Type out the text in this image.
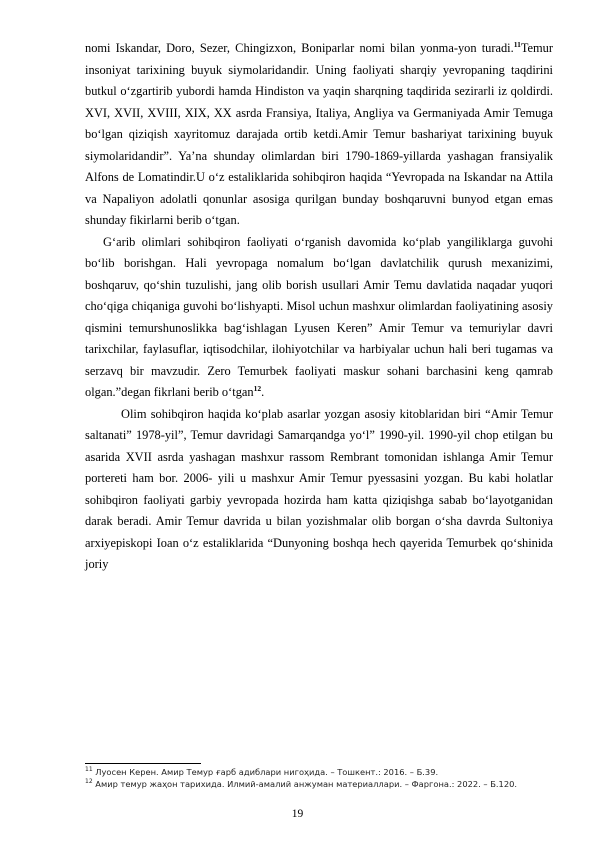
nomi Iskandar, Doro, Sezer, Chingizxon, Boniparlar nomi bilan yonma-yon turadi.$^{11}$Temur insoniyat tarixining buyuk siymolaridandir. Uning faoliyati sharqiy yevropaning taqdirini butkul o‘zgartirib yubordi hamda Hindiston va yaqin sharqning taqdirida sezirarli iz qoldirdi. XVI, XVII, XVIII, XIX, XX asrda Fransiya, Italiya, Angliya va Germaniyada Amir Temuga bo‘lgan qiziqish xayritomuz darajada ortib ketdi.Amir Temur bashariyat tarixining buyuk siymolaridandir”. Ya’na shunday olimlardan biri 1790-1869-yillarda yashagan fransiyalik Alfons de Lomatindir.U o‘z estaliklarida sohibqiron haqida “Yevropada na Iskandar na Attila va Napaliyon adolatli qonunlar asosiga qurilgan bunday boshqaruvni bunyod etgan emas shunday fikirlarni berib o‘tgan.

G‘arib olimlari sohibqiron faoliyati o‘rganish davomida ko‘plab yangiliklarga guvohi bo‘lib borishgan. Hali yevropaga nomalum bo‘lgan davlatchilik qurush mexanizimi, boshqaruv, qo‘shin tuzulishi, jang olib borish usullari Amir Temu davlatida naqadar yuqori cho‘qiga chiqaniga guvohi bo‘lishyapti. Misol uchun mashxur olimlardan faoliyatining asosiy qismini temurshunoslikka bag‘ishlagan Lyusen Keren” Amir Temur va temuriylar davri tarixchilar, faylasuflar, iqtisodchilar, ilohiyotchilar va harbiyalar uchun hali beri tugamas va serzavq bir mavzudir. Zero Temurbek faoliyati maskur sohani barchasini keng qamrab olgan.”degan fikrlani berib o‘tgan$^{12}$.

Olim sohibqiron haqida ko‘plab asarlar yozgan asosiy kitoblaridan biri “Amir Temur saltanati” 1978-yil”, Temur davridagi Samarqandga yo‘l” 1990-yil. 1990-yil chop etilgan bu asarida XVII asrda yashagan mashxur rassom Rembrant tomonidan ishlanga Amir Temur portereti ham bor. 2006- yili u mashxur Amir Temur pyessasini yozgan. Bu kabi holatlar sohibqiron faoliyati garbiy yevropada hozirda ham katta qiziqishga sabab bo‘layotganidan darak beradi. Amir Temur davrida u bilan yozishmalar olib borgan o‘sha davrda Sultoniya arxiyepiskopi Ioan o‘z estaliklarida “Dunyoning boshqa hech qayerida Temurbek qo‘shinida joriy

$^{11}$ Луосен Керен. Амир Темур ғарб адиблари нигоҳида. – Тошкент.: 2016. – Б.39.
$^{12}$ Амир темур жаҳон тарихида. Илмий-амалий анжуман материаллари. – Фаргона.: 2022. – Б.120.
19
